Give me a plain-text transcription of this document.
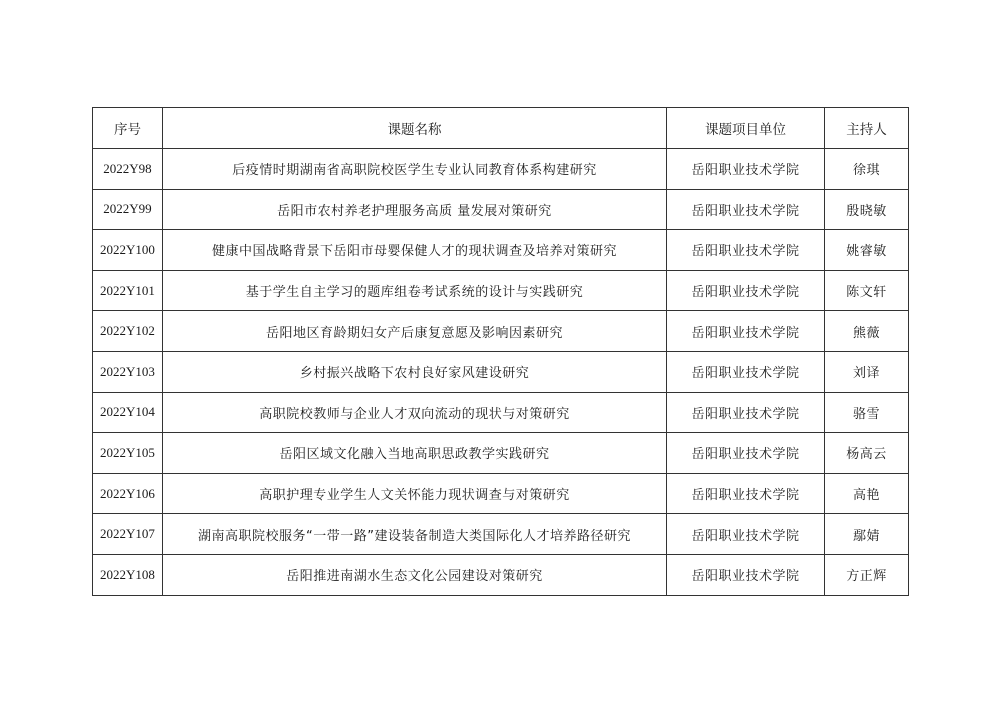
序号	课题名称	课题项目单位	主持人
2022Y98	后疫情时期湖南省高职院校医学生专业认同教育体系构建研究	岳阳职业技术学院	徐琪
2022Y99	岳阳市农村养老护理服务高质 量发展对策研究	岳阳职业技术学院	殷晓敏
2022Y100	健康中国战略背景下岳阳市母婴保健人才的现状调查及培养对策研究	岳阳职业技术学院	姚睿敏
2022Y101	基于学生自主学习的题库组卷考试系统的设计与实践研究	岳阳职业技术学院	陈文轩
2022Y102	岳阳地区育龄期妇女产后康复意愿及影响因素研究	岳阳职业技术学院	熊薇
2022Y103	乡村振兴战略下农村良好家风建设研究	岳阳职业技术学院	刘译
2022Y104	高职院校教师与企业人才双向流动的现状与对策研究	岳阳职业技术学院	骆雪
2022Y105	岳阳区域文化融入当地高职思政教学实践研究	岳阳职业技术学院	杨高云
2022Y106	高职护理专业学生人文关怀能力现状调查与对策研究	岳阳职业技术学院	高艳
2022Y107	湖南高职院校服务“一带一路”建设装备制造大类国际化人才培养路径研究	岳阳职业技术学院	鄢婧
2022Y108	岳阳推进南湖水生态文化公园建设对策研究	岳阳职业技术学院	方正辉
